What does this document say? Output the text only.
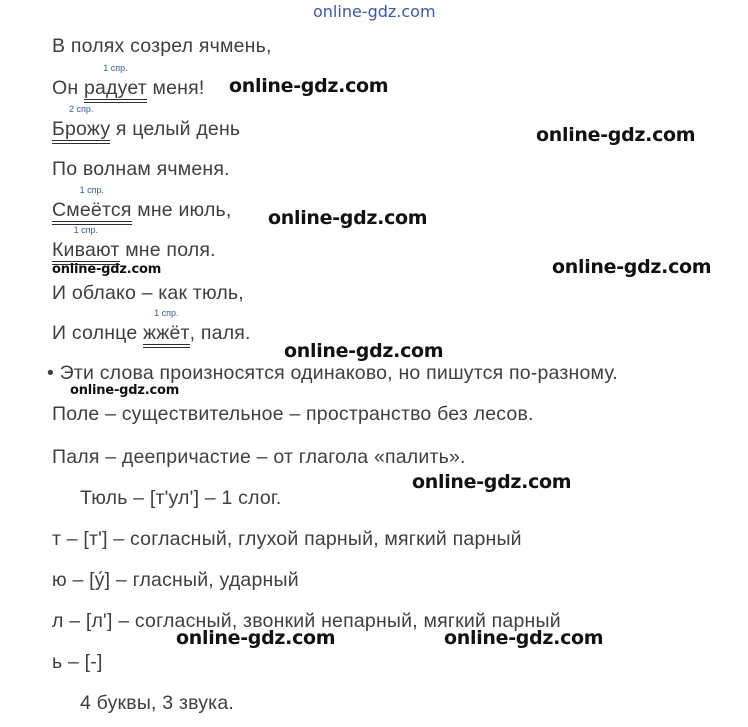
online-gdz.com
В полях созрел ячмень,
Он
1 спр.
радует меня!
2 спр.
Брожу я целый день
По волнам ячменя.
1 спр.
Смеётся мне июль,
1 спр.
Кивают мне поля.
И облако – как тюль,
И солнце
1 спр.
жжёт, паля.
• Эти слова произносятся одинаково, но пишутся по-разному.
Поле – существительное – пространство без лесов.
Паля – деепричастие – от глагола «палить».
Тюль – [т'ул'] – 1 слог.
т – [т'] – согласный, глухой парный, мягкий парный
ю – [у́] – гласный, ударный
л – [л'] – согласный, звонкий непарный, мягкий парный
ь – [-]
4 буквы, 3 звука.
online-gdz.com
online-gdz.com
online-gdz.com
online-gdz.com	online-gdz.com
online-gdz.com
online-gdz.com
online-gdz.com
online-gdz.com	online-gdz.com
